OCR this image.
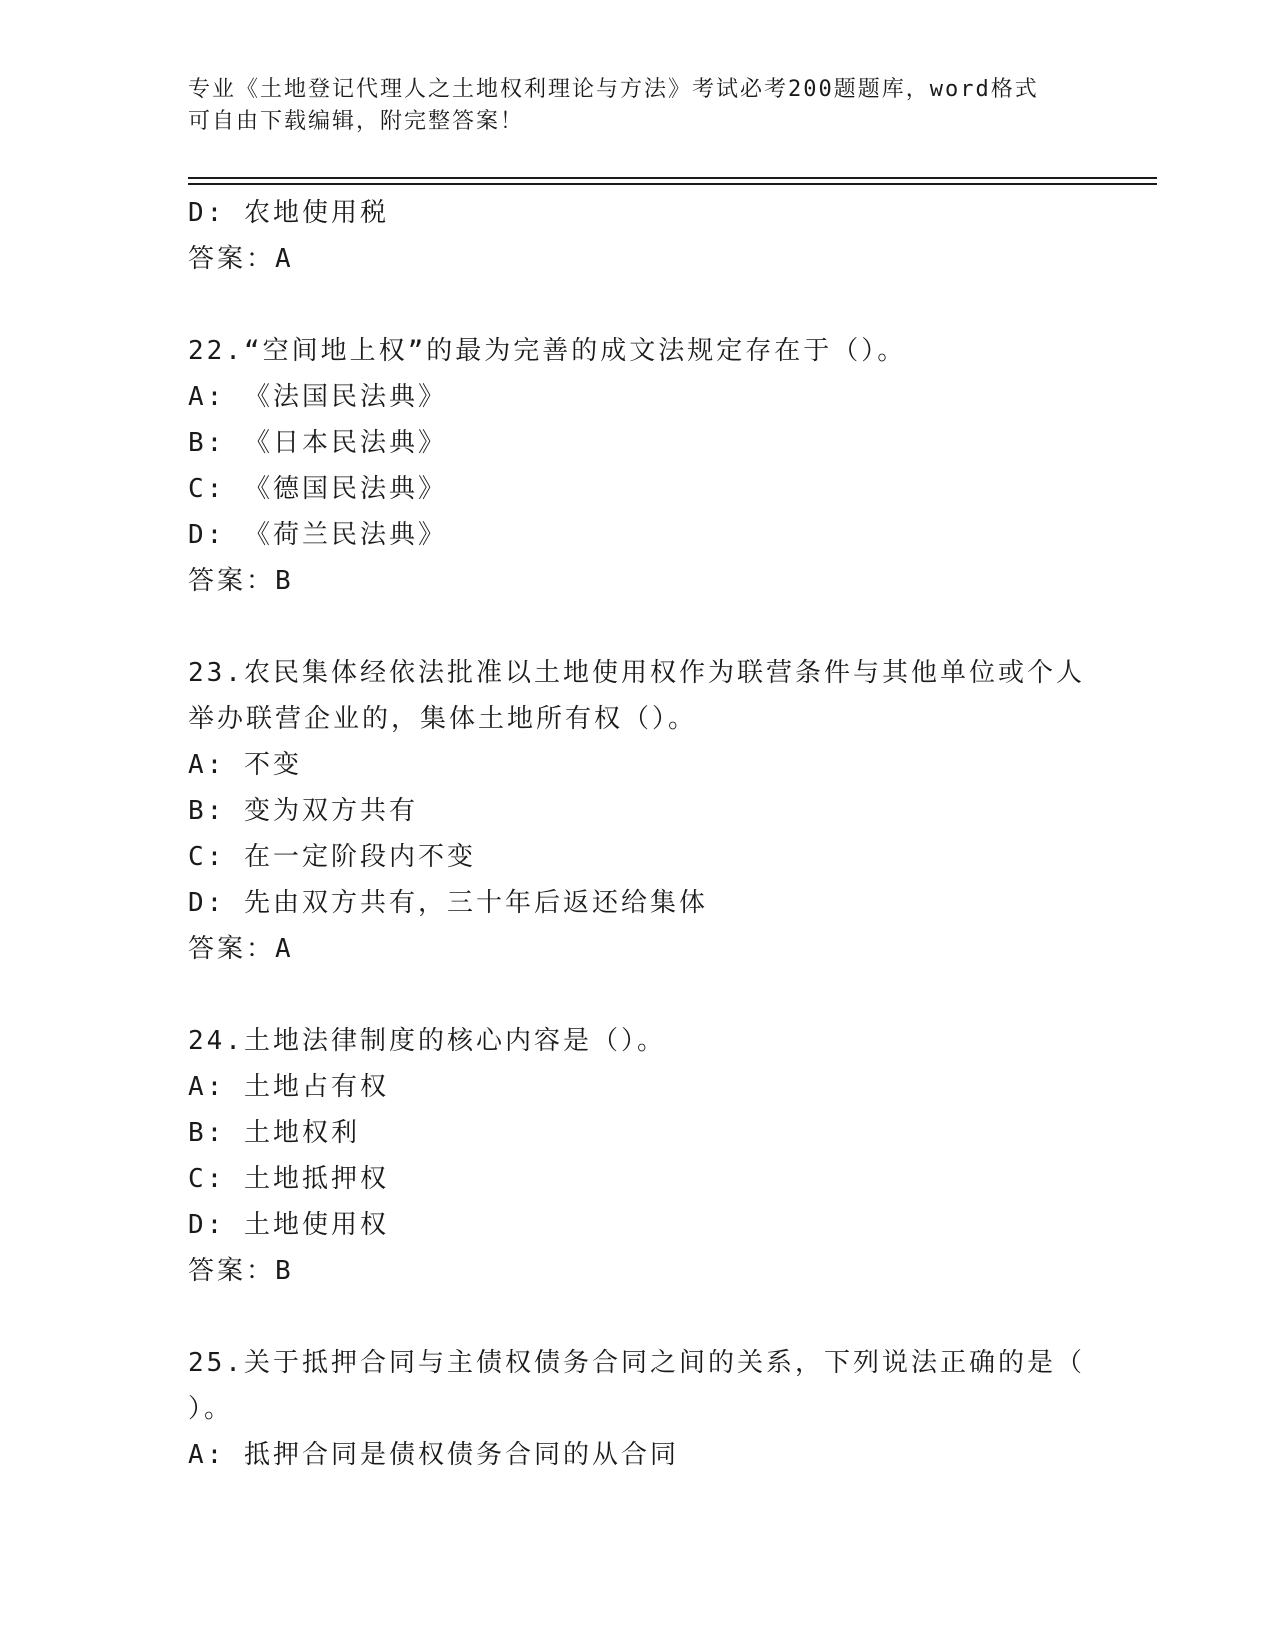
专业《土地登记代理人之土地权利理论与方法》考试必考200题题库，word格式
可自由下载编辑，附完整答案！
D: 农地使用税
答案：A
22.“空间地上权”的最为完善的成文法规定存在于（）。
A: 《法国民法典》
B: 《日本民法典》
C: 《德国民法典》
D: 《荷兰民法典》
答案：B
23.农民集体经依法批准以土地使用权作为联营条件与其他单位或个人
举办联营企业的，集体土地所有权（）。
A: 不变
B: 变为双方共有
C: 在一定阶段内不变
D: 先由双方共有，三十年后返还给集体
答案：A
24.土地法律制度的核心内容是（）。
A: 土地占有权
B: 土地权利
C: 土地抵押权
D: 土地使用权
答案：B
25.关于抵押合同与主债权债务合同之间的关系，下列说法正确的是（
）。
A: 抵押合同是债权债务合同的从合同
